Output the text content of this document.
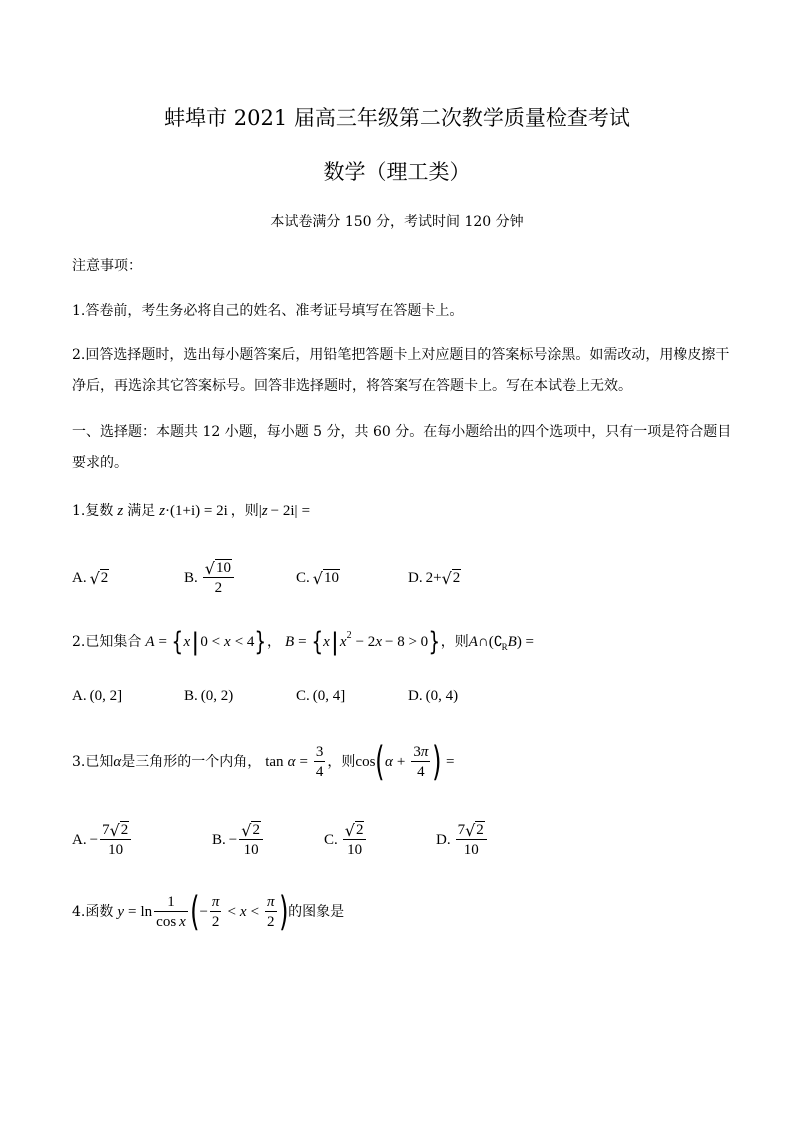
蚌埠市 2021 届高三年级第二次教学质量检查考试
数学（理工类）
本试卷满分 150 分，考试时间 120 分钟
注意事项：
1.答卷前，考生务必将自己的姓名、准考证号填写在答题卡上。
2.回答选择题时，选出每小题答案后，用铅笔把答题卡上对应题目的答案标号涂黑。如需改动，用橡皮擦干
净后，再选涂其它答案标号。回答非选择题时，将答案写在答题卡上。写在本试卷上无效。
一、选择题：本题共 12 小题，每小题 5 分，共 60 分。在每小题给出的四个选项中，只有一项是符合题目
要求的。
1.复数 z 满足 z ·(1+i) = 2i ，则 | z − 2i | =
A. √ 2	B. $\frac{√ 10}{2}$	C. √ 10	D. 2+ √ 2
2.已知集合 A = { x | 0 < x < 4 } ， B = { x | x 2 − 2 x − 8 > 0 } ，则 A ∩( ∁ R B ) =
A. (0, 2]	B. (0, 2)	C. (0, 4]	D. (0, 4)
3.已知 α 是三角形的一个内角， $\tan \alpha = \frac{3}{4}$ ，则 cos ( $\alpha + \frac{3 \pi}{4}$ ) =
A. − $\frac{7 √ 2}{10}$	B. − $\frac{√ 2}{10}$	C. $\frac{√ 2}{10}$	D. $\frac{7 √ 2}{10}$
4.函数 $y = \ln \frac{1}{\text{cos x}}$ ( − $\frac{\pi}{2} < x < \frac{\pi}{2}$ ) 的图象是
